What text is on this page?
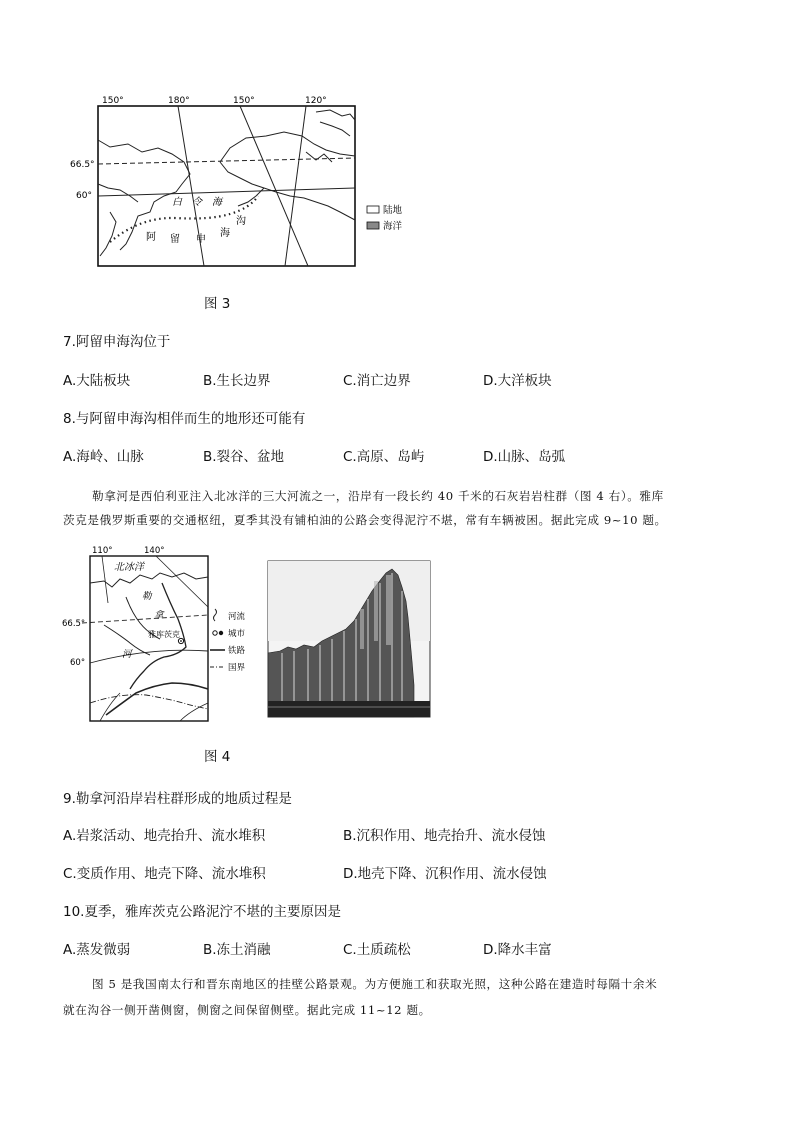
150°	180°	150°	120°
66.5°
60°
白 令 海
阿 留 申
海
沟
陆地
海洋
图 3
7.阿留申海沟位于
A.大陆板块	B.生长边界	C.消亡边界	D.大洋板块
8.与阿留申海沟相伴而生的地形还可能有
A.海岭、山脉	B.裂谷、盆地	C.高原、岛屿	D.山脉、岛弧
勒拿河是西伯利亚注入北冰洋的三大河流之一，沿岸有一段长约 40 千米的石灰岩岩柱群（图 4 右）。雅库
茨克是俄罗斯重要的交通枢纽，夏季其没有铺柏油的公路会变得泥泞不堪，常有车辆被困。据此完成 9~10 题。
110°	140°
66.5°
60°
北冰洋
勒
拿
河
雅库茨克
河流
城市
铁路
国界
图 4
9.勒拿河沿岸岩柱群形成的地质过程是
A.岩浆活动、地壳抬升、流水堆积	B.沉积作用、地壳抬升、流水侵蚀
C.变质作用、地壳下降、流水堆积	D.地壳下降、沉积作用、流水侵蚀
10.夏季，雅库茨克公路泥泞不堪的主要原因是
A.蒸发微弱	B.冻土消融	C.土质疏松	D.降水丰富
图 5 是我国南太行和晋东南地区的挂壁公路景观。为方便施工和获取光照，这种公路在建造时每隔十余米
就在沟谷一侧开凿侧窗，侧窗之间保留侧壁。据此完成 11~12 题。
